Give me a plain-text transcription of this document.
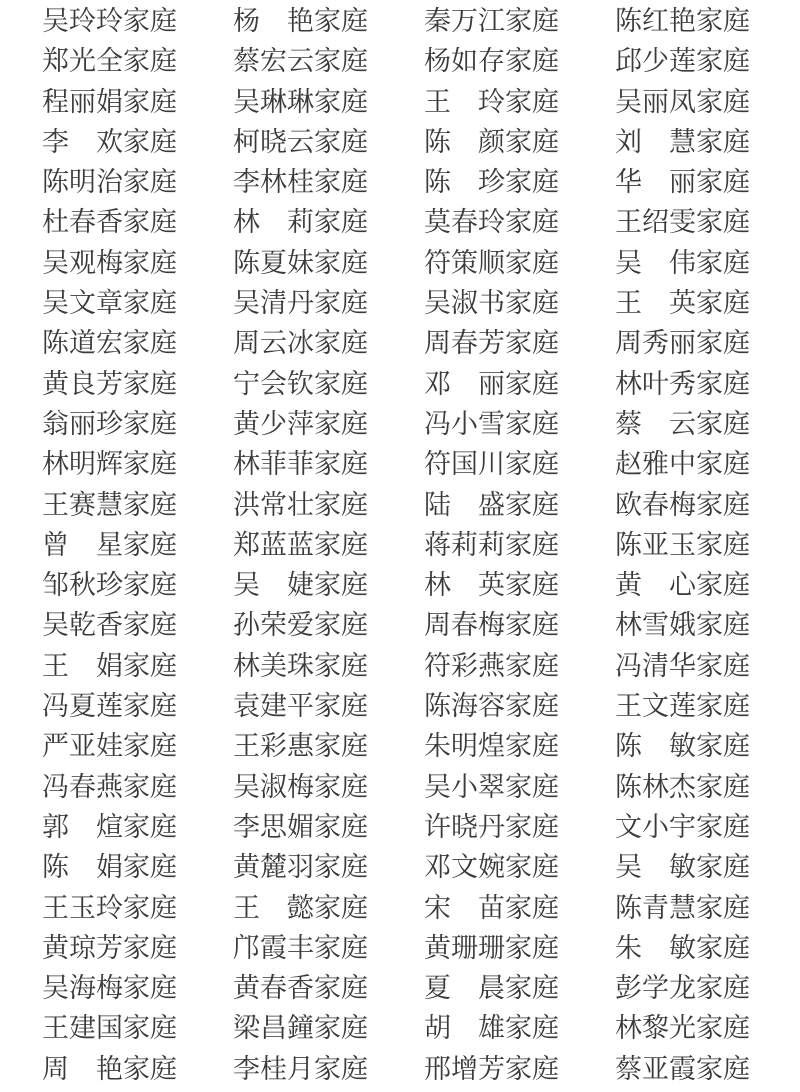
吴玲玲家庭	杨　艳家庭	秦万江家庭	陈红艳家庭
郑光全家庭	蔡宏云家庭	杨如存家庭	邱少莲家庭
程丽娟家庭	吴琳琳家庭	王　玲家庭	吴丽凤家庭
李　欢家庭	柯晓云家庭	陈　颜家庭	刘　慧家庭
陈明治家庭	李林桂家庭	陈　珍家庭	华　丽家庭
杜春香家庭	林　莉家庭	莫春玲家庭	王绍雯家庭
吴观梅家庭	陈夏妹家庭	符策顺家庭	吴　伟家庭
吴文章家庭	吴清丹家庭	吴淑书家庭	王　英家庭
陈道宏家庭	周云冰家庭	周春芳家庭	周秀丽家庭
黄良芳家庭	宁会钦家庭	邓　丽家庭	林叶秀家庭
翁丽珍家庭	黄少萍家庭	冯小雪家庭	蔡　云家庭
林明辉家庭	林菲菲家庭	符国川家庭	赵雅中家庭
王赛慧家庭	洪常壮家庭	陆　盛家庭	欧春梅家庭
曾　星家庭	郑蓝蓝家庭	蒋莉莉家庭	陈亚玉家庭
邹秋珍家庭	吴　婕家庭	林　英家庭	黄　心家庭
吴乾香家庭	孙荣爱家庭	周春梅家庭	林雪娥家庭
王　娟家庭	林美珠家庭	符彩燕家庭	冯清华家庭
冯夏莲家庭	袁建平家庭	陈海容家庭	王文莲家庭
严亚娃家庭	王彩惠家庭	朱明煌家庭	陈　敏家庭
冯春燕家庭	吴淑梅家庭	吴小翠家庭	陈林杰家庭
郭　煊家庭	李思媚家庭	许晓丹家庭	文小宇家庭
陈　娟家庭	黄麓羽家庭	邓文婉家庭	吴　敏家庭
王玉玲家庭	王　懿家庭	宋　苗家庭	陈青慧家庭
黄琼芳家庭	邝霞丰家庭	黄珊珊家庭	朱　敏家庭
吴海梅家庭	黄春香家庭	夏　晨家庭	彭学龙家庭
王建国家庭	梁昌鐘家庭	胡　雄家庭	林黎光家庭
周　艳家庭	李桂月家庭	邢增芳家庭	蔡亚霞家庭
